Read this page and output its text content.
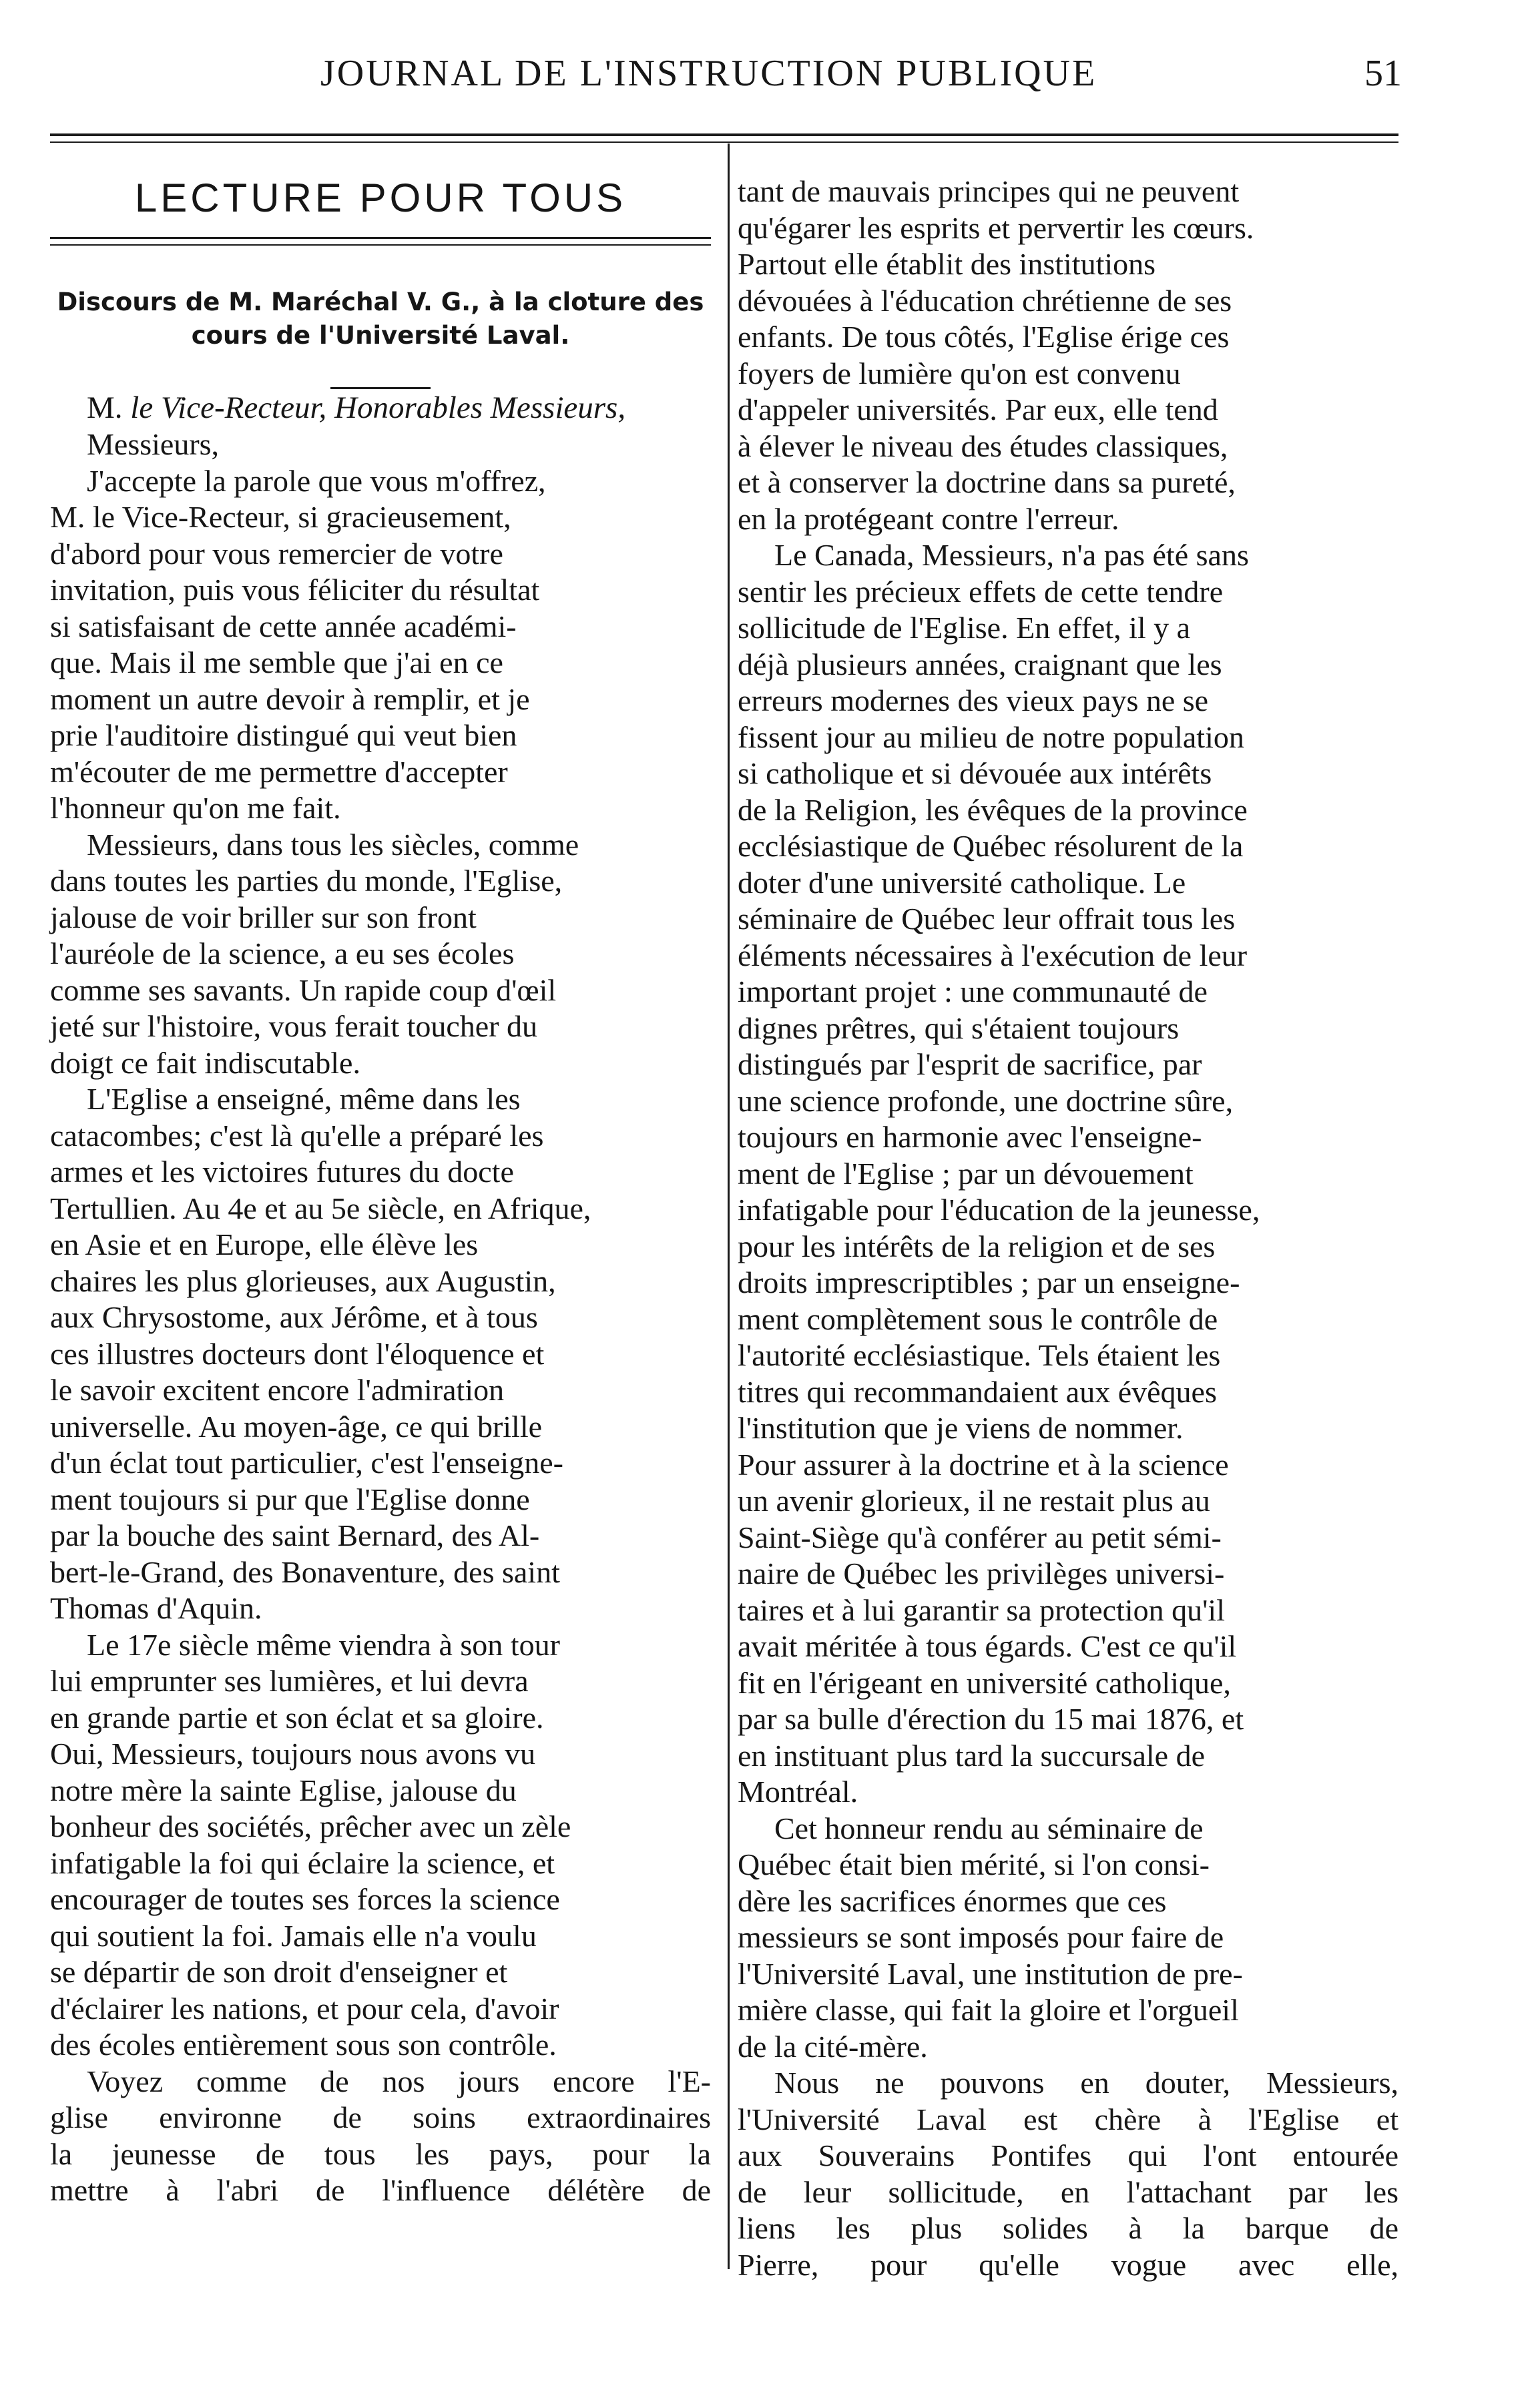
JOURNAL DE L'INSTRUCTION PUBLIQUE	51
LECTURE POUR TOUS
Discours de M. Maréchal V. G., à la cloture des
cours de l'Université Laval.

M. le Vice-Recteur, Honorables Messieurs,

Messieurs,

J'accepte la parole que vous m'offrez,
M. le Vice-Recteur, si gracieusement,
d'abord pour vous remercier de votre
invitation, puis vous féliciter du résultat
si satisfaisant de cette année académi-
que. Mais il me semble que j'ai en ce
moment un autre devoir à remplir, et je
prie l'auditoire distingué qui veut bien
m'écouter de me permettre d'accepter
l'honneur qu'on me fait.

Messieurs, dans tous les siècles, comme
dans toutes les parties du monde, l'Eglise,
jalouse de voir briller sur son front
l'auréole de la science, a eu ses écoles
comme ses savants. Un rapide coup d'œil
jeté sur l'histoire, vous ferait toucher du
doigt ce fait indiscutable.

L'Eglise a enseigné, même dans les
catacombes; c'est là qu'elle a préparé les
armes et les victoires futures du docte
Tertullien. Au 4e et au 5e siècle, en Afrique,
en Asie et en Europe, elle élève les
chaires les plus glorieuses, aux Augustin,
aux Chrysostome, aux Jérôme, et à tous
ces illustres docteurs dont l'éloquence et
le savoir excitent encore l'admiration
universelle. Au moyen-âge, ce qui brille
d'un éclat tout particulier, c'est l'enseigne-
ment toujours si pur que l'Eglise donne
par la bouche des saint Bernard, des Al-
bert-le-Grand, des Bonaventure, des saint
Thomas d'Aquin.

Le 17e siècle même viendra à son tour
lui emprunter ses lumières, et lui devra
en grande partie et son éclat et sa gloire.
Oui, Messieurs, toujours nous avons vu
notre mère la sainte Eglise, jalouse du
bonheur des sociétés, prêcher avec un zèle
infatigable la foi qui éclaire la science, et
encourager de toutes ses forces la science
qui soutient la foi. Jamais elle n'a voulu
se départir de son droit d'enseigner et
d'éclairer les nations, et pour cela, d'avoir
des écoles entièrement sous son contrôle.

Voyez comme de nos jours encore l'E-
glise environne de soins extraordinaires
la jeunesse de tous les pays, pour la
mettre à l'abri de l'influence délétère de

tant de mauvais principes qui ne peuvent
qu'égarer les esprits et pervertir les cœurs.
Partout elle établit des institutions
dévouées à l'éducation chrétienne de ses
enfants. De tous côtés, l'Eglise érige ces
foyers de lumière qu'on est convenu
d'appeler universités. Par eux, elle tend
à élever le niveau des études classiques,
et à conserver la doctrine dans sa pureté,
en la protégeant contre l'erreur.

Le Canada, Messieurs, n'a pas été sans
sentir les précieux effets de cette tendre
sollicitude de l'Eglise. En effet, il y a
déjà plusieurs années, craignant que les
erreurs modernes des vieux pays ne se
fissent jour au milieu de notre population
si catholique et si dévouée aux intérêts
de la Religion, les évêques de la province
ecclésiastique de Québec résolurent de la
doter d'une université catholique. Le
séminaire de Québec leur offrait tous les
éléments nécessaires à l'exécution de leur
important projet : une communauté de
dignes prêtres, qui s'étaient toujours
distingués par l'esprit de sacrifice, par
une science profonde, une doctrine sûre,
toujours en harmonie avec l'enseigne-
ment de l'Eglise ; par un dévouement
infatigable pour l'éducation de la jeunesse,
pour les intérêts de la religion et de ses
droits imprescriptibles ; par un enseigne-
ment complètement sous le contrôle de
l'autorité ecclésiastique. Tels étaient les
titres qui recommandaient aux évêques
l'institution que je viens de nommer.
Pour assurer à la doctrine et à la science
un avenir glorieux, il ne restait plus au
Saint-Siège qu'à conférer au petit sémi-
naire de Québec les privilèges universi-
taires et à lui garantir sa protection qu'il
avait méritée à tous égards. C'est ce qu'il
fit en l'érigeant en université catholique,
par sa bulle d'érection du 15 mai 1876, et
en instituant plus tard la succursale de
Montréal.

Cet honneur rendu au séminaire de
Québec était bien mérité, si l'on consi-
dère les sacrifices énormes que ces
messieurs se sont imposés pour faire de
l'Université Laval, une institution de pre-
mière classe, qui fait la gloire et l'orgueil
de la cité-mère.

Nous ne pouvons en douter, Messieurs,
l'Université Laval est chère à l'Eglise et
aux Souverains Pontifes qui l'ont entourée
de leur sollicitude, en l'attachant par les
liens les plus solides à la barque de
Pierre, pour qu'elle vogue avec elle,
